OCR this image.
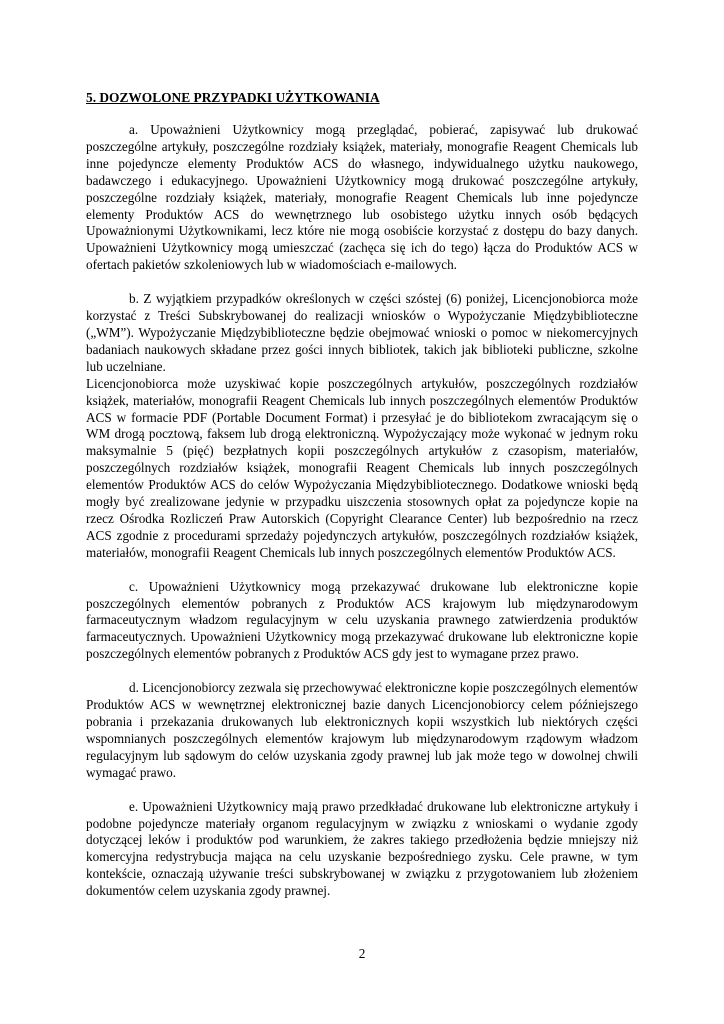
5. DOZWOLONE PRZYPADKI UŻYTKOWANIA

a. Upoważnieni Użytkownicy mogą przeglądać, pobierać, zapisywać lub drukować poszczególne artykuły, poszczególne rozdziały książek, materiały, monografie Reagent Chemicals lub inne pojedyncze elementy Produktów ACS do własnego, indywidualnego użytku naukowego, badawczego i edukacyjnego. Upoważnieni Użytkownicy mogą drukować poszczególne artykuły, poszczególne rozdziały książek, materiały, monografie Reagent Chemicals lub inne pojedyncze elementy Produktów ACS do wewnętrznego lub osobistego użytku innych osób będących Upoważnionymi Użytkownikami, lecz które nie mogą osobiście korzystać z dostępu do bazy danych. Upoważnieni Użytkownicy mogą umieszczać (zachęca się ich do tego) łącza do Produktów ACS w ofertach pakietów szkoleniowych lub w wiadomościach e-mailowych.

b. Z wyjątkiem przypadków określonych w części szóstej (6) poniżej, Licencjonobiorca może korzystać z Treści Subskrybowanej do realizacji wniosków o Wypożyczanie Międzybiblioteczne („WM”). Wypożyczanie Międzybiblioteczne będzie obejmować wnioski o pomoc w niekomercyjnych badaniach naukowych składane przez gości innych bibliotek, takich jak biblioteki publiczne, szkolne lub uczelniane.

Licencjonobiorca może uzyskiwać kopie poszczególnych artykułów, poszczególnych rozdziałów książek, materiałów, monografii Reagent Chemicals lub innych poszczególnych elementów Produktów ACS w formacie PDF (Portable Document Format) i przesyłać je do bibliotekom zwracającym się o WM drogą pocztową, faksem lub drogą elektroniczną. Wypożyczający może wykonać w jednym roku maksymalnie 5 (pięć) bezpłatnych kopii poszczególnych artykułów z czasopism, materiałów, poszczególnych rozdziałów książek, monografii Reagent Chemicals lub innych poszczególnych elementów Produktów ACS do celów Wypożyczania Międzybibliotecznego. Dodatkowe wnioski będą mogły być zrealizowane jedynie w przypadku uiszczenia stosownych opłat za pojedyncze kopie na rzecz Ośrodka Rozliczeń Praw Autorskich (Copyright Clearance Center) lub bezpośrednio na rzecz ACS zgodnie z procedurami sprzedaży pojedynczych artykułów, poszczególnych rozdziałów książek, materiałów, monografii Reagent Chemicals lub innych poszczególnych elementów Produktów ACS.

c. Upoważnieni Użytkownicy mogą przekazywać drukowane lub elektroniczne kopie poszczególnych elementów pobranych z Produktów ACS krajowym lub międzynarodowym farmaceutycznym władzom regulacyjnym w celu uzyskania prawnego zatwierdzenia produktów farmaceutycznych. Upoważnieni Użytkownicy mogą przekazywać drukowane lub elektroniczne kopie poszczególnych elementów pobranych z Produktów ACS gdy jest to wymagane przez prawo.

d. Licencjonobiorcy zezwala się przechowywać elektroniczne kopie poszczególnych elementów Produktów ACS w wewnętrznej elektronicznej bazie danych Licencjonobiorcy celem późniejszego pobrania i przekazania drukowanych lub elektronicznych kopii wszystkich lub niektórych części wspomnianych poszczególnych elementów krajowym lub międzynarodowym rządowym władzom regulacyjnym lub sądowym do celów uzyskania zgody prawnej lub jak może tego w dowolnej chwili wymagać prawo.

e. Upoważnieni Użytkownicy mają prawo przedkładać drukowane lub elektroniczne artykuły i podobne pojedyncze materiały organom regulacyjnym w związku z wnioskami o wydanie zgody dotyczącej leków i produktów pod warunkiem, że zakres takiego przedłożenia będzie mniejszy niż komercyjna redystrybucja mająca na celu uzyskanie bezpośredniego zysku. Cele prawne, w tym kontekście, oznaczają używanie treści subskrybowanej w związku z przygotowaniem lub złożeniem dokumentów celem uzyskania zgody prawnej.

2
